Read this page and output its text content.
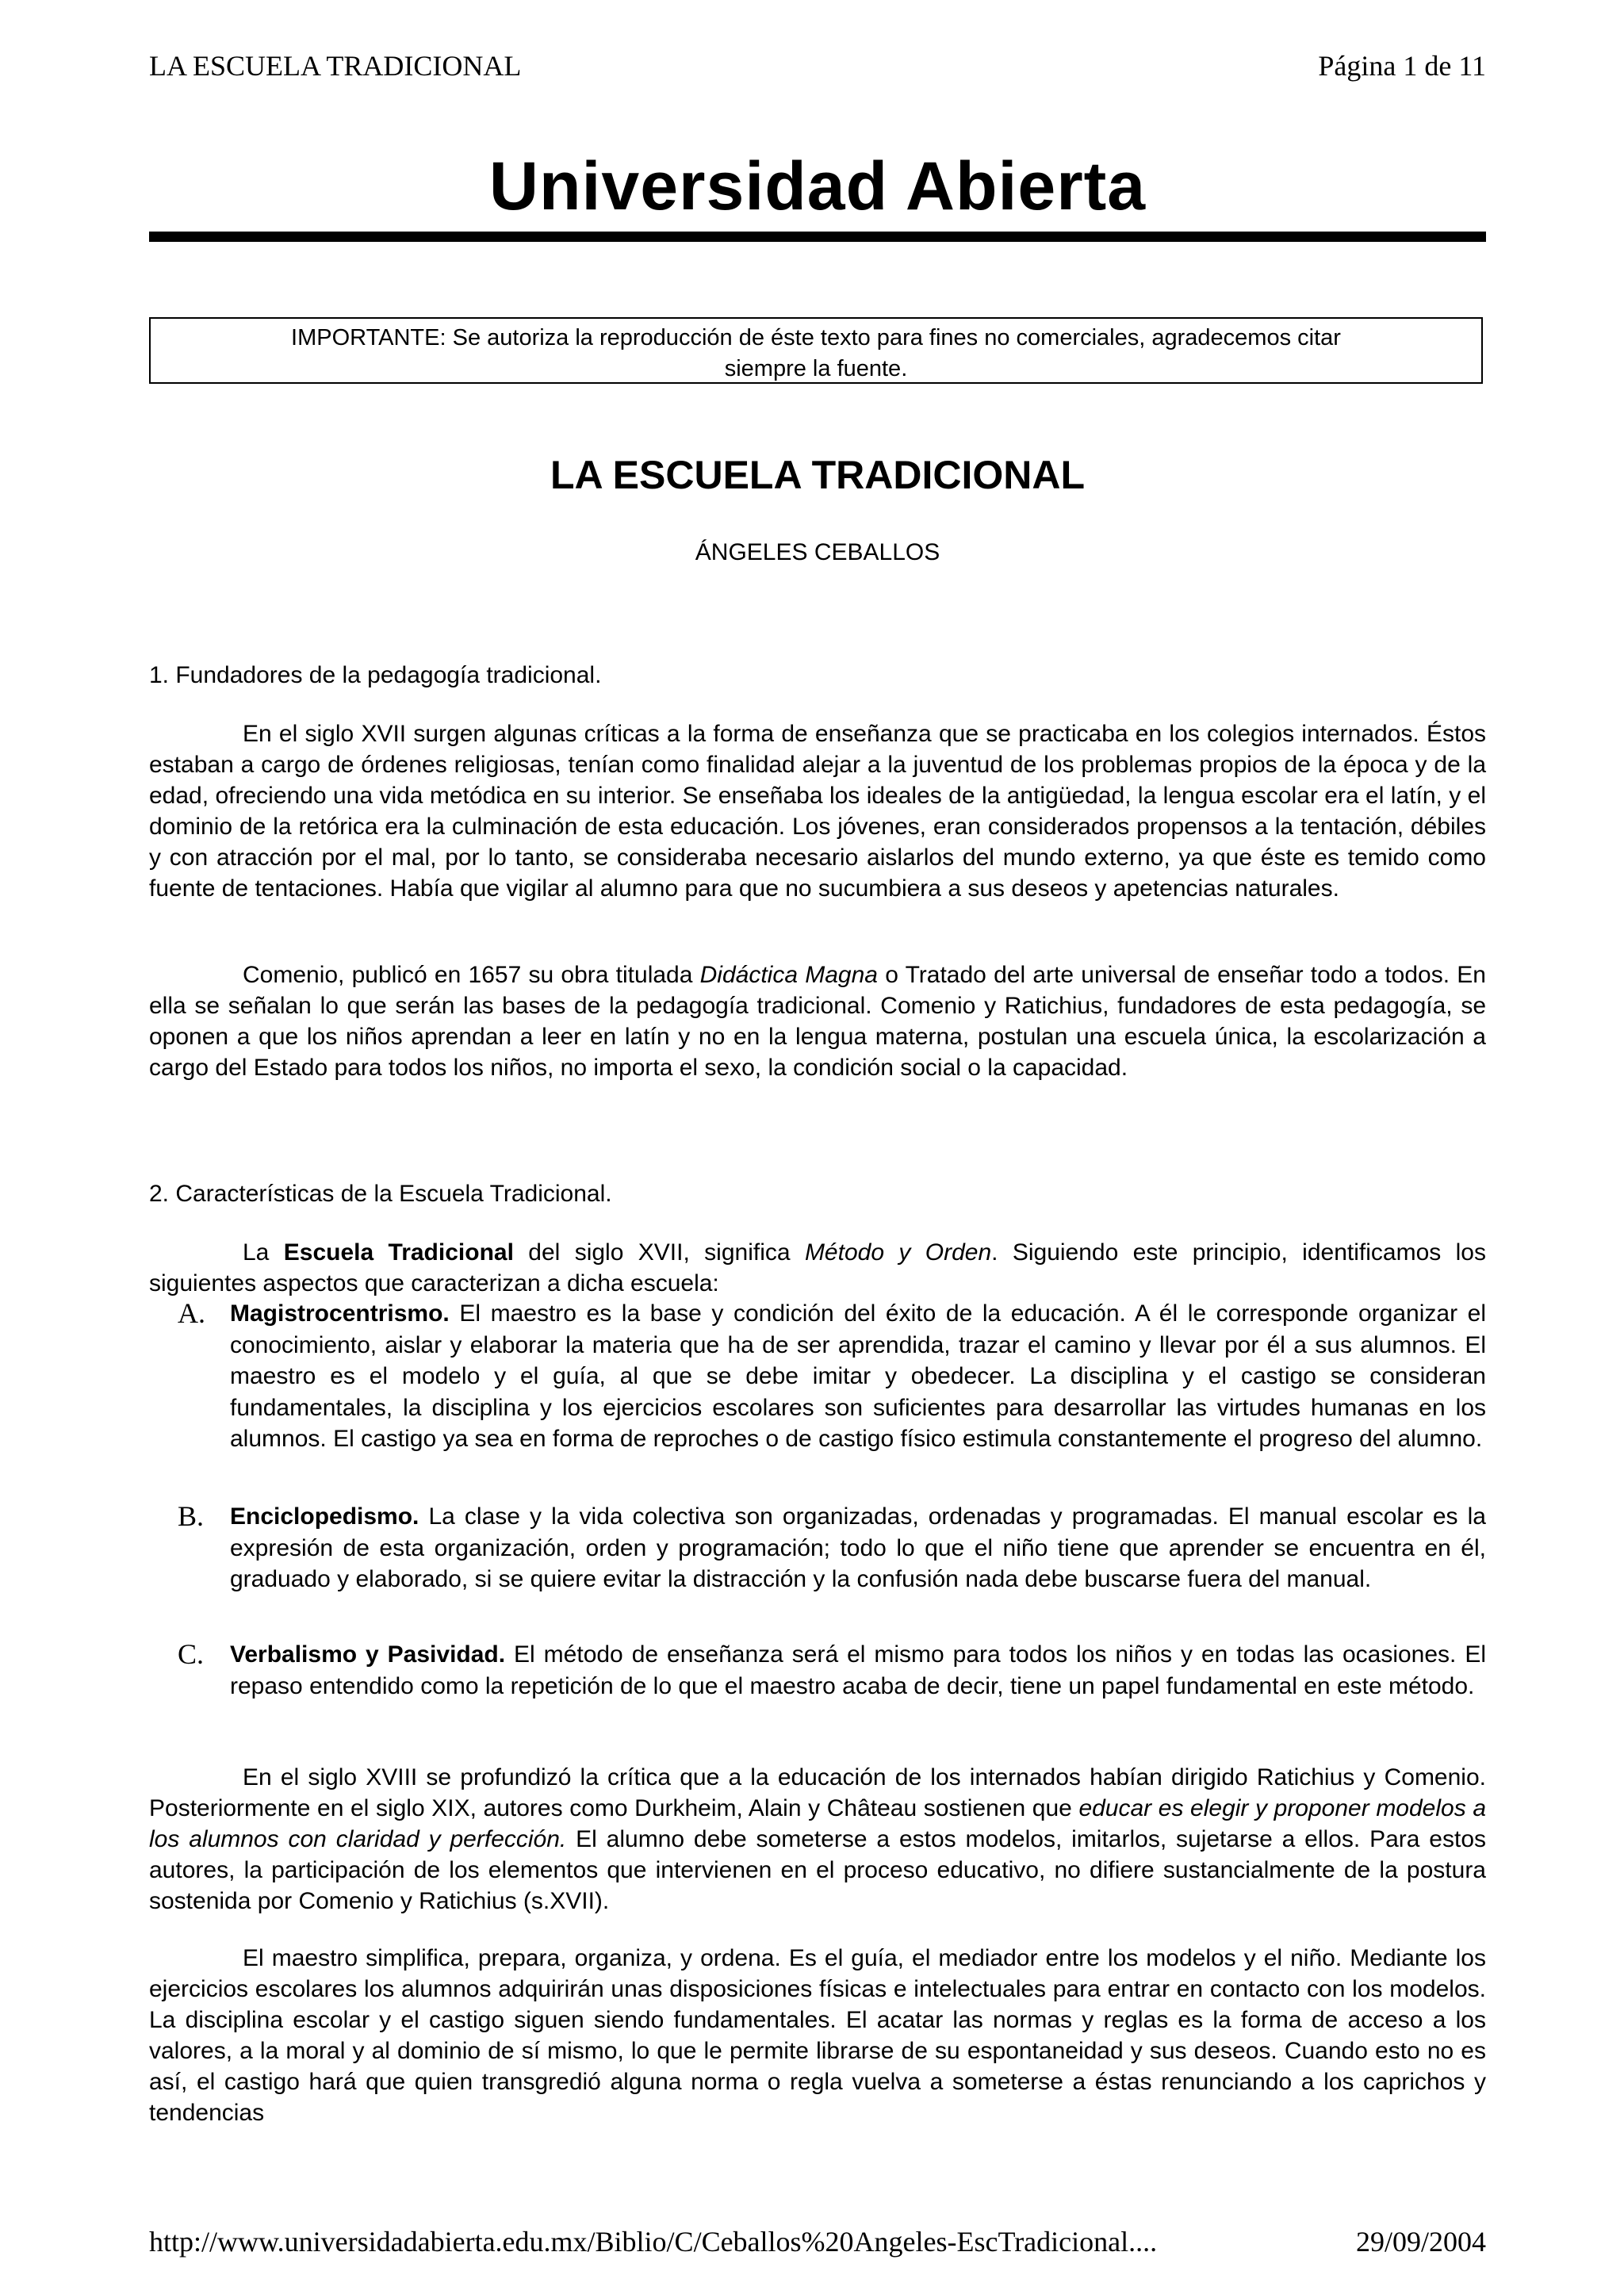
LA ESCUELA TRADICIONAL	Página 1 de 11
Universidad Abierta
IMPORTANTE: Se autoriza la reproducción de éste texto para fines no comerciales, agradecemos citar
siempre la fuente.
LA ESCUELA TRADICIONAL
ÁNGELES CEBALLOS
1. Fundadores de la pedagogía tradicional.

En el siglo XVII surgen algunas críticas a la forma de enseñanza que se practicaba en los colegios internados. Éstos estaban a cargo de órdenes religiosas, tenían como finalidad alejar a la juventud de los problemas propios de la época y de la edad, ofreciendo una vida metódica en su interior. Se enseñaba los ideales de la antigüedad, la lengua escolar era el latín, y el dominio de la retórica era la culminación de esta educación. Los jóvenes, eran considerados propensos a la tentación, débiles y con atracción por el mal, por lo tanto, se consideraba necesario aislarlos del mundo externo, ya que éste es temido como fuente de tentaciones. Había que vigilar al alumno para que no sucumbiera a sus deseos y apetencias naturales.

Comenio, publicó en 1657 su obra titulada Didáctica Magna o Tratado del arte universal de enseñar todo a todos. En ella se señalan lo que serán las bases de la pedagogía tradicional. Comenio y Ratichius, fundadores de esta pedagogía, se oponen a que los niños aprendan a leer en latín y no en la lengua materna, postulan una escuela única, la escolarización a cargo del Estado para todos los niños, no importa el sexo, la condición social o la capacidad.

2. Características de la Escuela Tradicional.

La Escuela Tradicional del siglo XVII, significa Método y Orden. Siguiendo este principio, identificamos los siguientes aspectos que caracterizan a dicha escuela:

A. Magistrocentrismo. El maestro es la base y condición del éxito de la educación. A él le corresponde organizar el conocimiento, aislar y elaborar la materia que ha de ser aprendida, trazar el camino y llevar por él a sus alumnos. El maestro es el modelo y el guía, al que se debe imitar y obedecer. La disciplina y el castigo se consideran fundamentales, la disciplina y los ejercicios escolares son suficientes para desarrollar las virtudes humanas en los alumnos. El castigo ya sea en forma de reproches o de castigo físico estimula constantemente el progreso del alumno.
B. Enciclopedismo. La clase y la vida colectiva son organizadas, ordenadas y programadas. El manual escolar es la expresión de esta organización, orden y programación; todo lo que el niño tiene que aprender se encuentra en él, graduado y elaborado, si se quiere evitar la distracción y la confusión nada debe buscarse fuera del manual.
C. Verbalismo y Pasividad. El método de enseñanza será el mismo para todos los niños y en todas las ocasiones. El repaso entendido como la repetición de lo que el maestro acaba de decir, tiene un papel fundamental en este método.

En el siglo XVIII se profundizó la crítica que a la educación de los internados habían dirigido Ratichius y Comenio. Posteriormente en el siglo XIX, autores como Durkheim, Alain y Château sostienen que educar es elegir y proponer modelos a los alumnos con claridad y perfección. El alumno debe someterse a estos modelos, imitarlos, sujetarse a ellos. Para estos autores, la participación de los elementos que intervienen en el proceso educativo, no difiere sustancialmente de la postura sostenida por Comenio y Ratichius (s.XVII).

El maestro simplifica, prepara, organiza, y ordena. Es el guía, el mediador entre los modelos y el niño. Mediante los ejercicios escolares los alumnos adquirirán unas disposiciones físicas e intelectuales para entrar en contacto con los modelos. La disciplina escolar y el castigo siguen siendo fundamentales. El acatar las normas y reglas es la forma de acceso a los valores, a la moral y al dominio de sí mismo, lo que le permite librarse de su espontaneidad y sus deseos. Cuando esto no es así, el castigo hará que quien transgredió alguna norma o regla vuelva a someterse a éstas renunciando a los caprichos y tendencias

http://www.universidadabierta.edu.mx/Biblio/C/Ceballos%20Angeles-EscTradicional....	29/09/2004
